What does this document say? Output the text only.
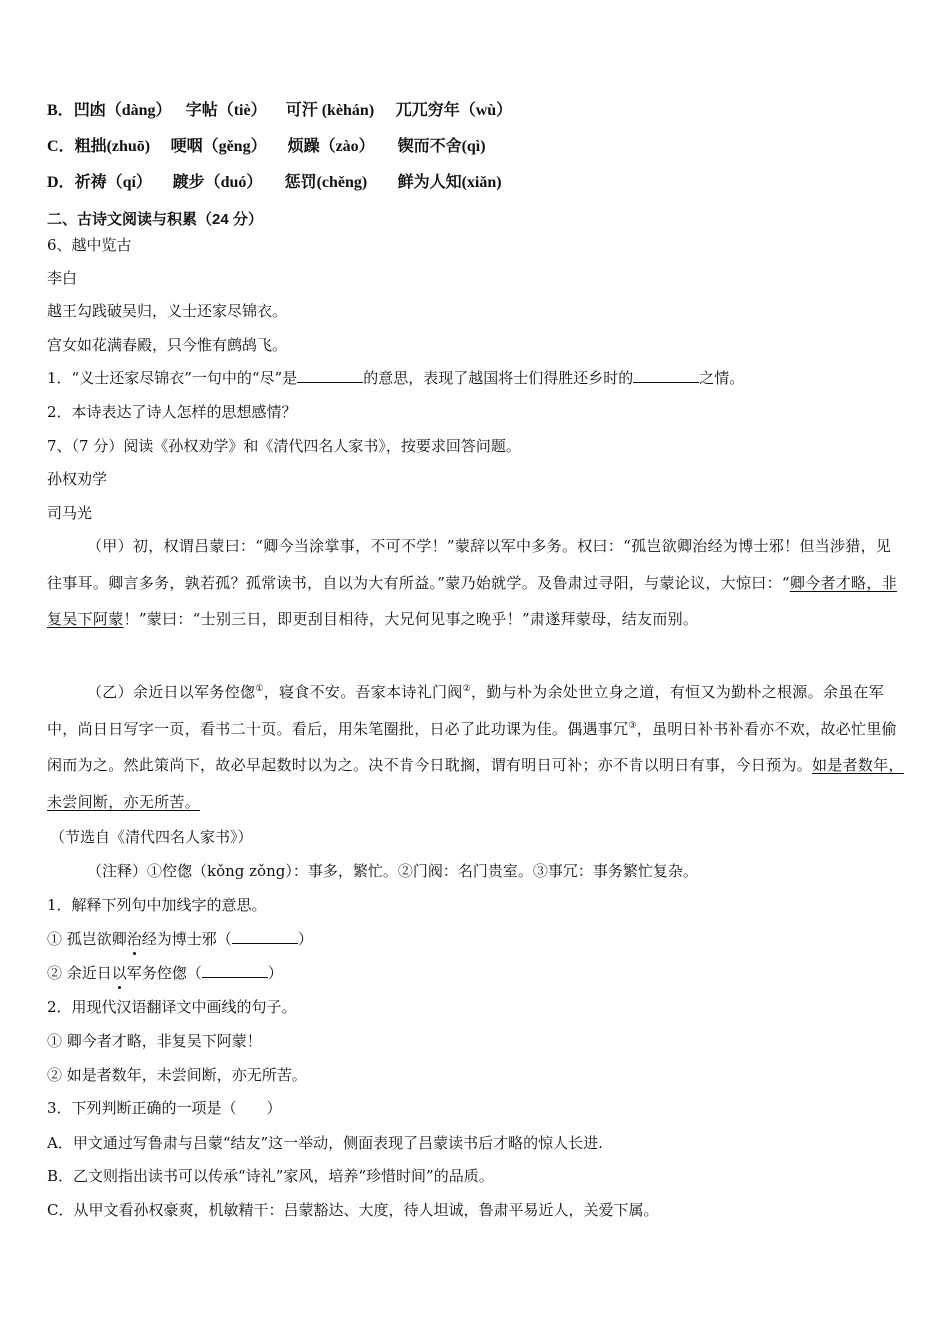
B．凹凼（dàng） 字帖（tiè） 可汗 (kèhán) 兀兀穷年（wù）
C．粗拙(zhuō) 哽咽（gěng） 烦躁（zào） 锲而不舍(qì)
D．祈祷（qí） 踱步（duó） 惩罚(chěng) 鲜为人知(xiǎn)
二、古诗文阅读与积累（24 分）
6、越中览古
李白
越王勾践破吴归，义士还家尽锦衣。
宫女如花满春殿，只今惟有鹧鸪飞。
1．“义士还家尽锦衣”一句中的“尽”是	的意思，表现了越国将士们得胜还乡时的	之情。
2．本诗表达了诗人怎样的思想感情？
7、（7 分）阅读《孙权劝学》和《清代四名人家书》，按要求回答问题。
孙权劝学
司马光
（甲）初，权谓吕蒙曰：“卿今当涂掌事，不可不学！”蒙辞以军中多务。权曰：“孤岂欲卿治经为博士邪！但当涉猎，见往事耳。卿言多务，孰若孤？孤常读书，自以为大有所益。”蒙乃始就学。及鲁肃过寻阳，与蒙论议，大惊曰：“卿今者才略，非复吴下阿蒙！”蒙曰：“士别三日，即更刮目相待，大兄何见事之晚乎！”肃遂拜蒙母，结友而别。
（乙）余近日以军务倥偬①，寝食不安。吾家本诗礼门阀②，勤与朴为余处世立身之道，有恒又为勤朴之根源。余虽在军中，尚日日写字一页，看书二十页。看后，用朱笔圈批，日必了此功课为佳。偶遇事冗③，虽明日补书补看亦不欢，故必忙里偷闲而为之。然此策尚下，故必早起数时以为之。决不肯今日耽搁，谓有明日可补；亦不肯以明日有事，今日预为。如是者数年，未尝间断，亦无所苦。
（节选自《清代四名人家书》）
（注释）①倥偬（kǒng zǒng）：事多，繁忙。②门阀：名门贵室。③事冗：事务繁忙复杂。
1．解释下列句中加线字的意思。
① 孤岂欲卿治经为博士邪（	）
② 余近日以军务倥偬（	）
2．用现代汉语翻译文中画线的句子。
① 卿今者才略，非复吴下阿蒙！
② 如是者数年，未尝间断，亦无所苦。
3．下列判断正确的一项是（　　）
A．甲文通过写鲁肃与吕蒙“结友”这一举动，侧面表现了吕蒙读书后才略的惊人长进.
B．乙文则指出读书可以传承“诗礼”家风，培养“珍惜时间”的品质。
C．从甲文看孙权豪爽，机敏精干：吕蒙豁达、大度，待人坦诚，鲁肃平易近人，关爱下属。
